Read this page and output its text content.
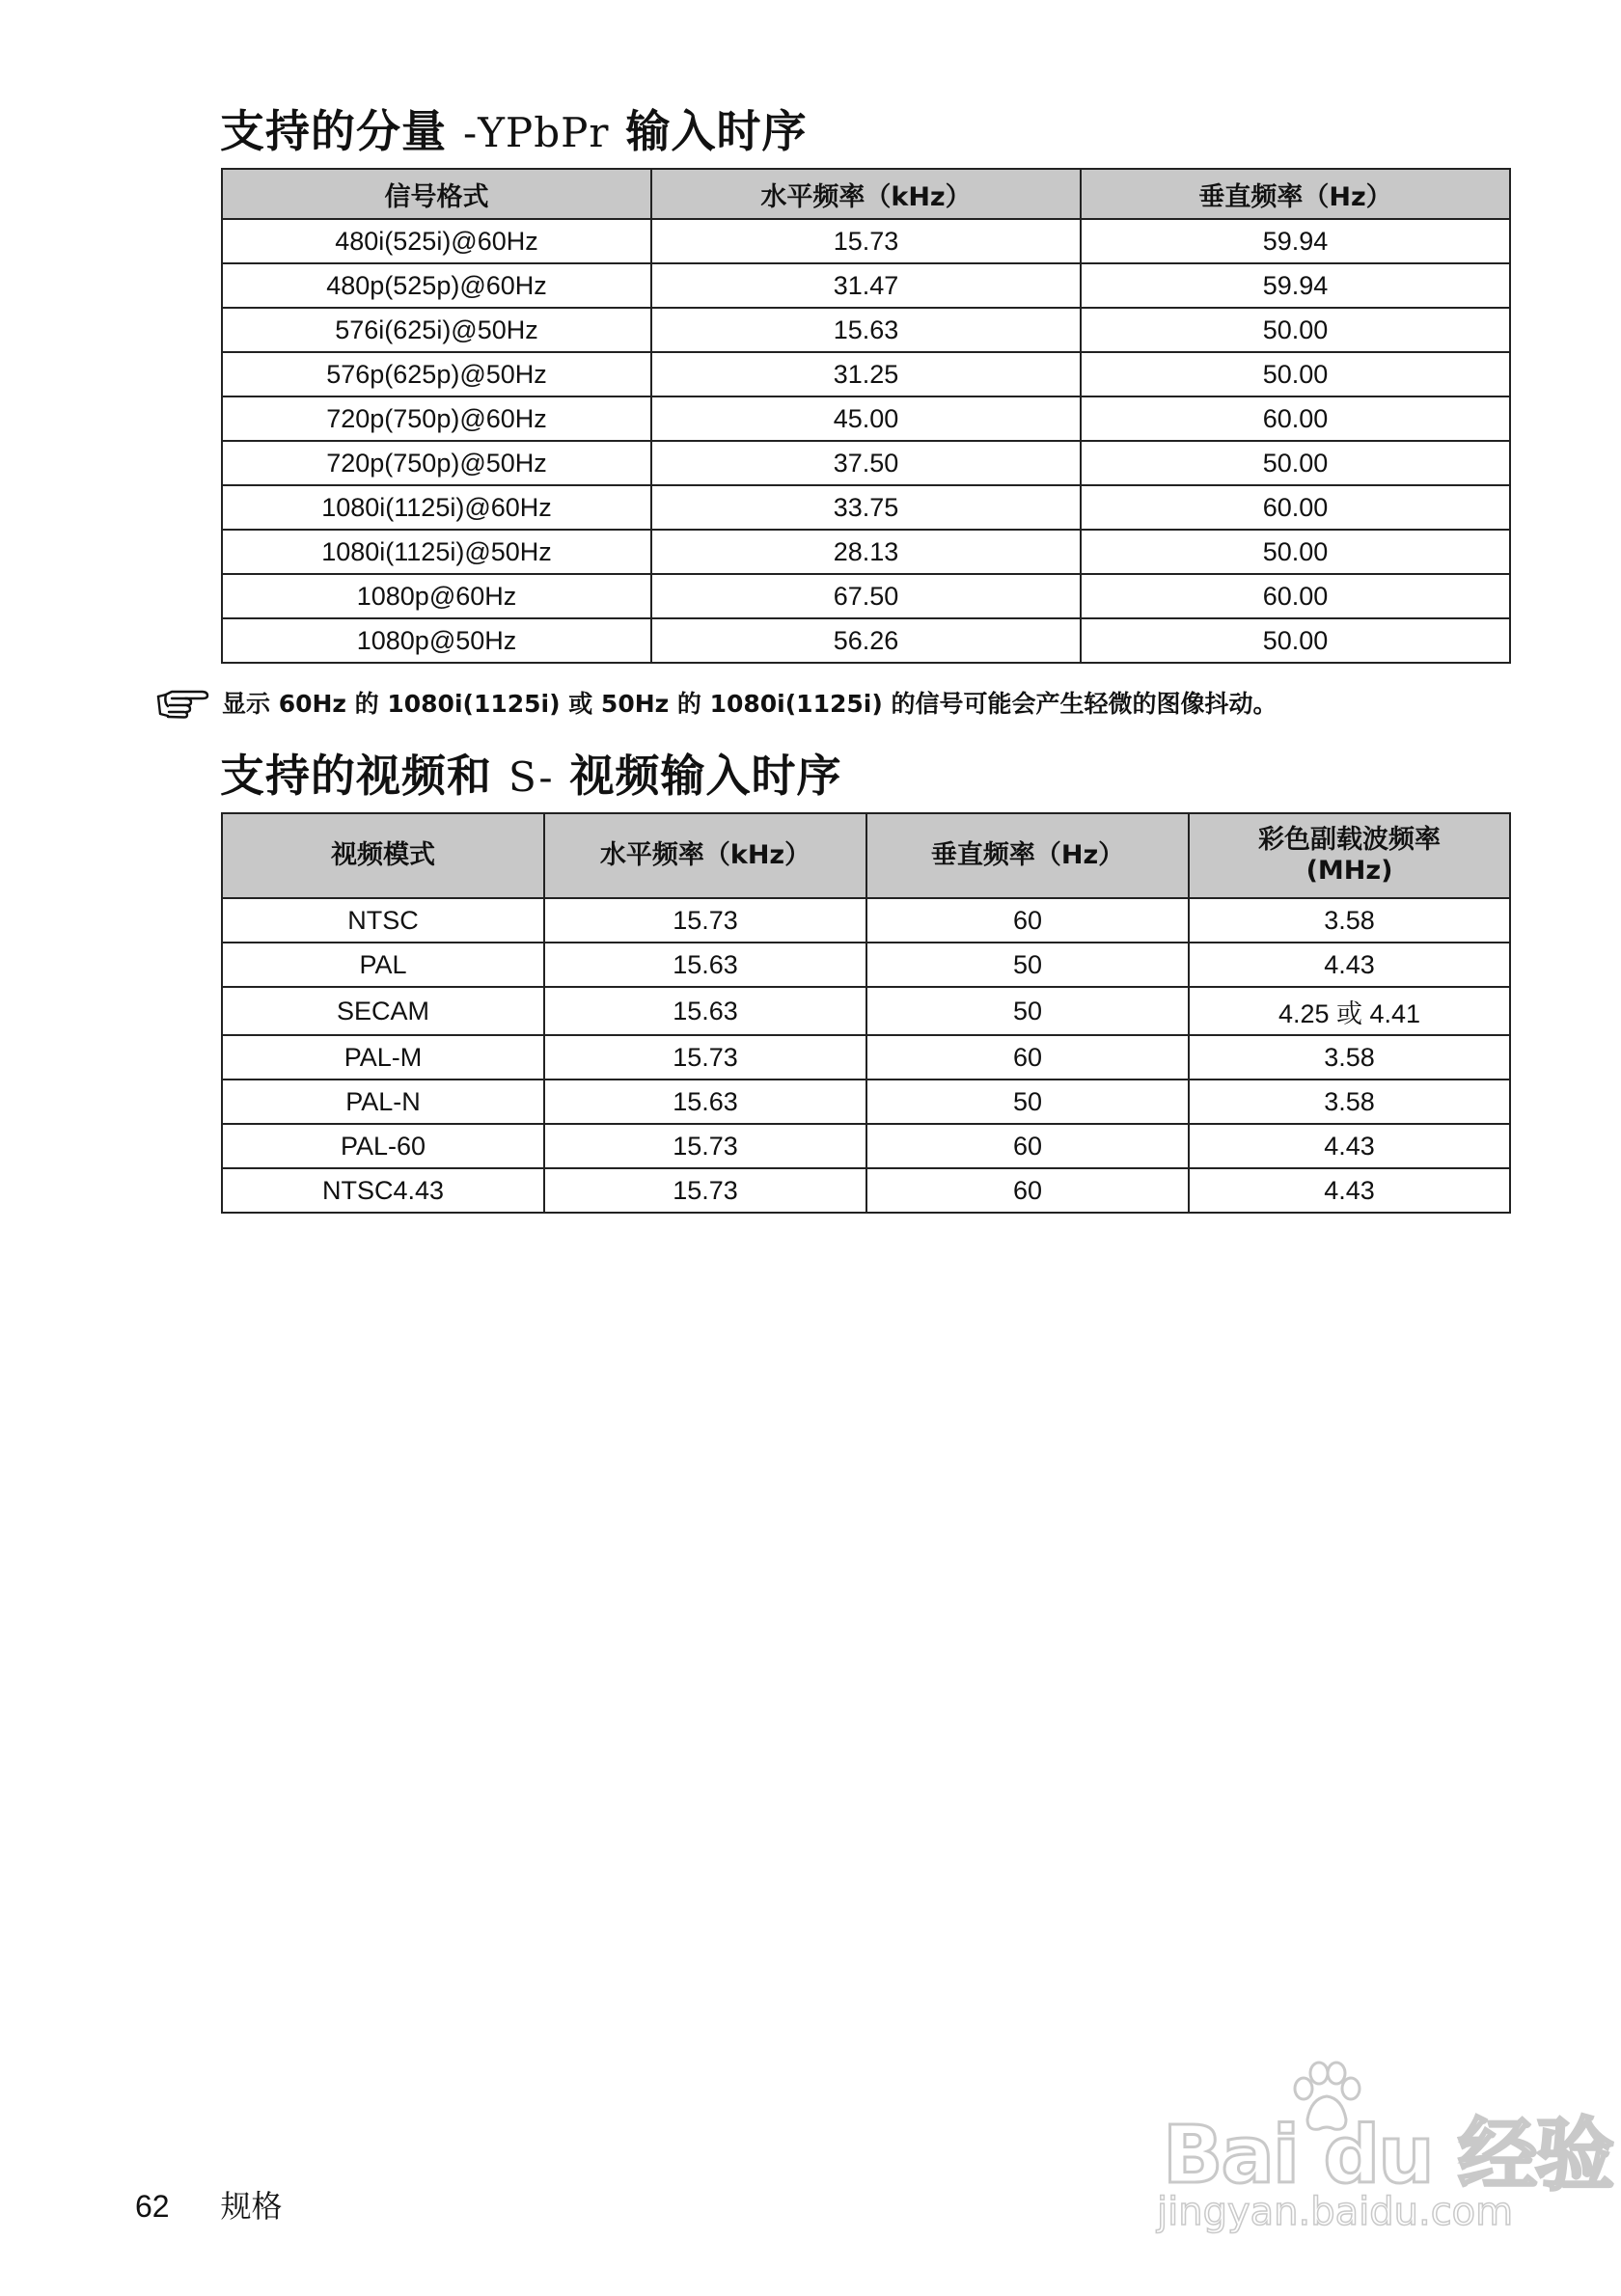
支持的分量 -YPbPr 输入时序
信号格式	水平频率（kHz）	垂直频率（Hz）
480i(525i)@60Hz	15.73	59.94
480p(525p)@60Hz	31.47	59.94
576i(625i)@50Hz	15.63	50.00
576p(625p)@50Hz	31.25	50.00
720p(750p)@60Hz	45.00	60.00
720p(750p)@50Hz	37.50	50.00
1080i(1125i)@60Hz	33.75	60.00
1080i(1125i)@50Hz	28.13	50.00
1080p@60Hz	67.50	60.00
1080p@50Hz	56.26	50.00
显示 60Hz 的 1080i(1125i) 或 50Hz 的 1080i(1125i) 的信号可能会产生轻微的图像抖动。
支持的视频和 S- 视频输入时序
视频模式	水平频率（kHz）	垂直频率（Hz）	彩色副载波频率
(MHz)

NTSC	15.73	60	3.58
PAL	15.63	50	4.43
SECAM	15.63	50	4.25 或 4.41
PAL-M	15.73	60	3.58
PAL-N	15.63	50	3.58
PAL-60	15.73	60	4.43
NTSC4.43	15.73	60	4.43
62 规格
Bai du 经验
jingyan.baidu.com
